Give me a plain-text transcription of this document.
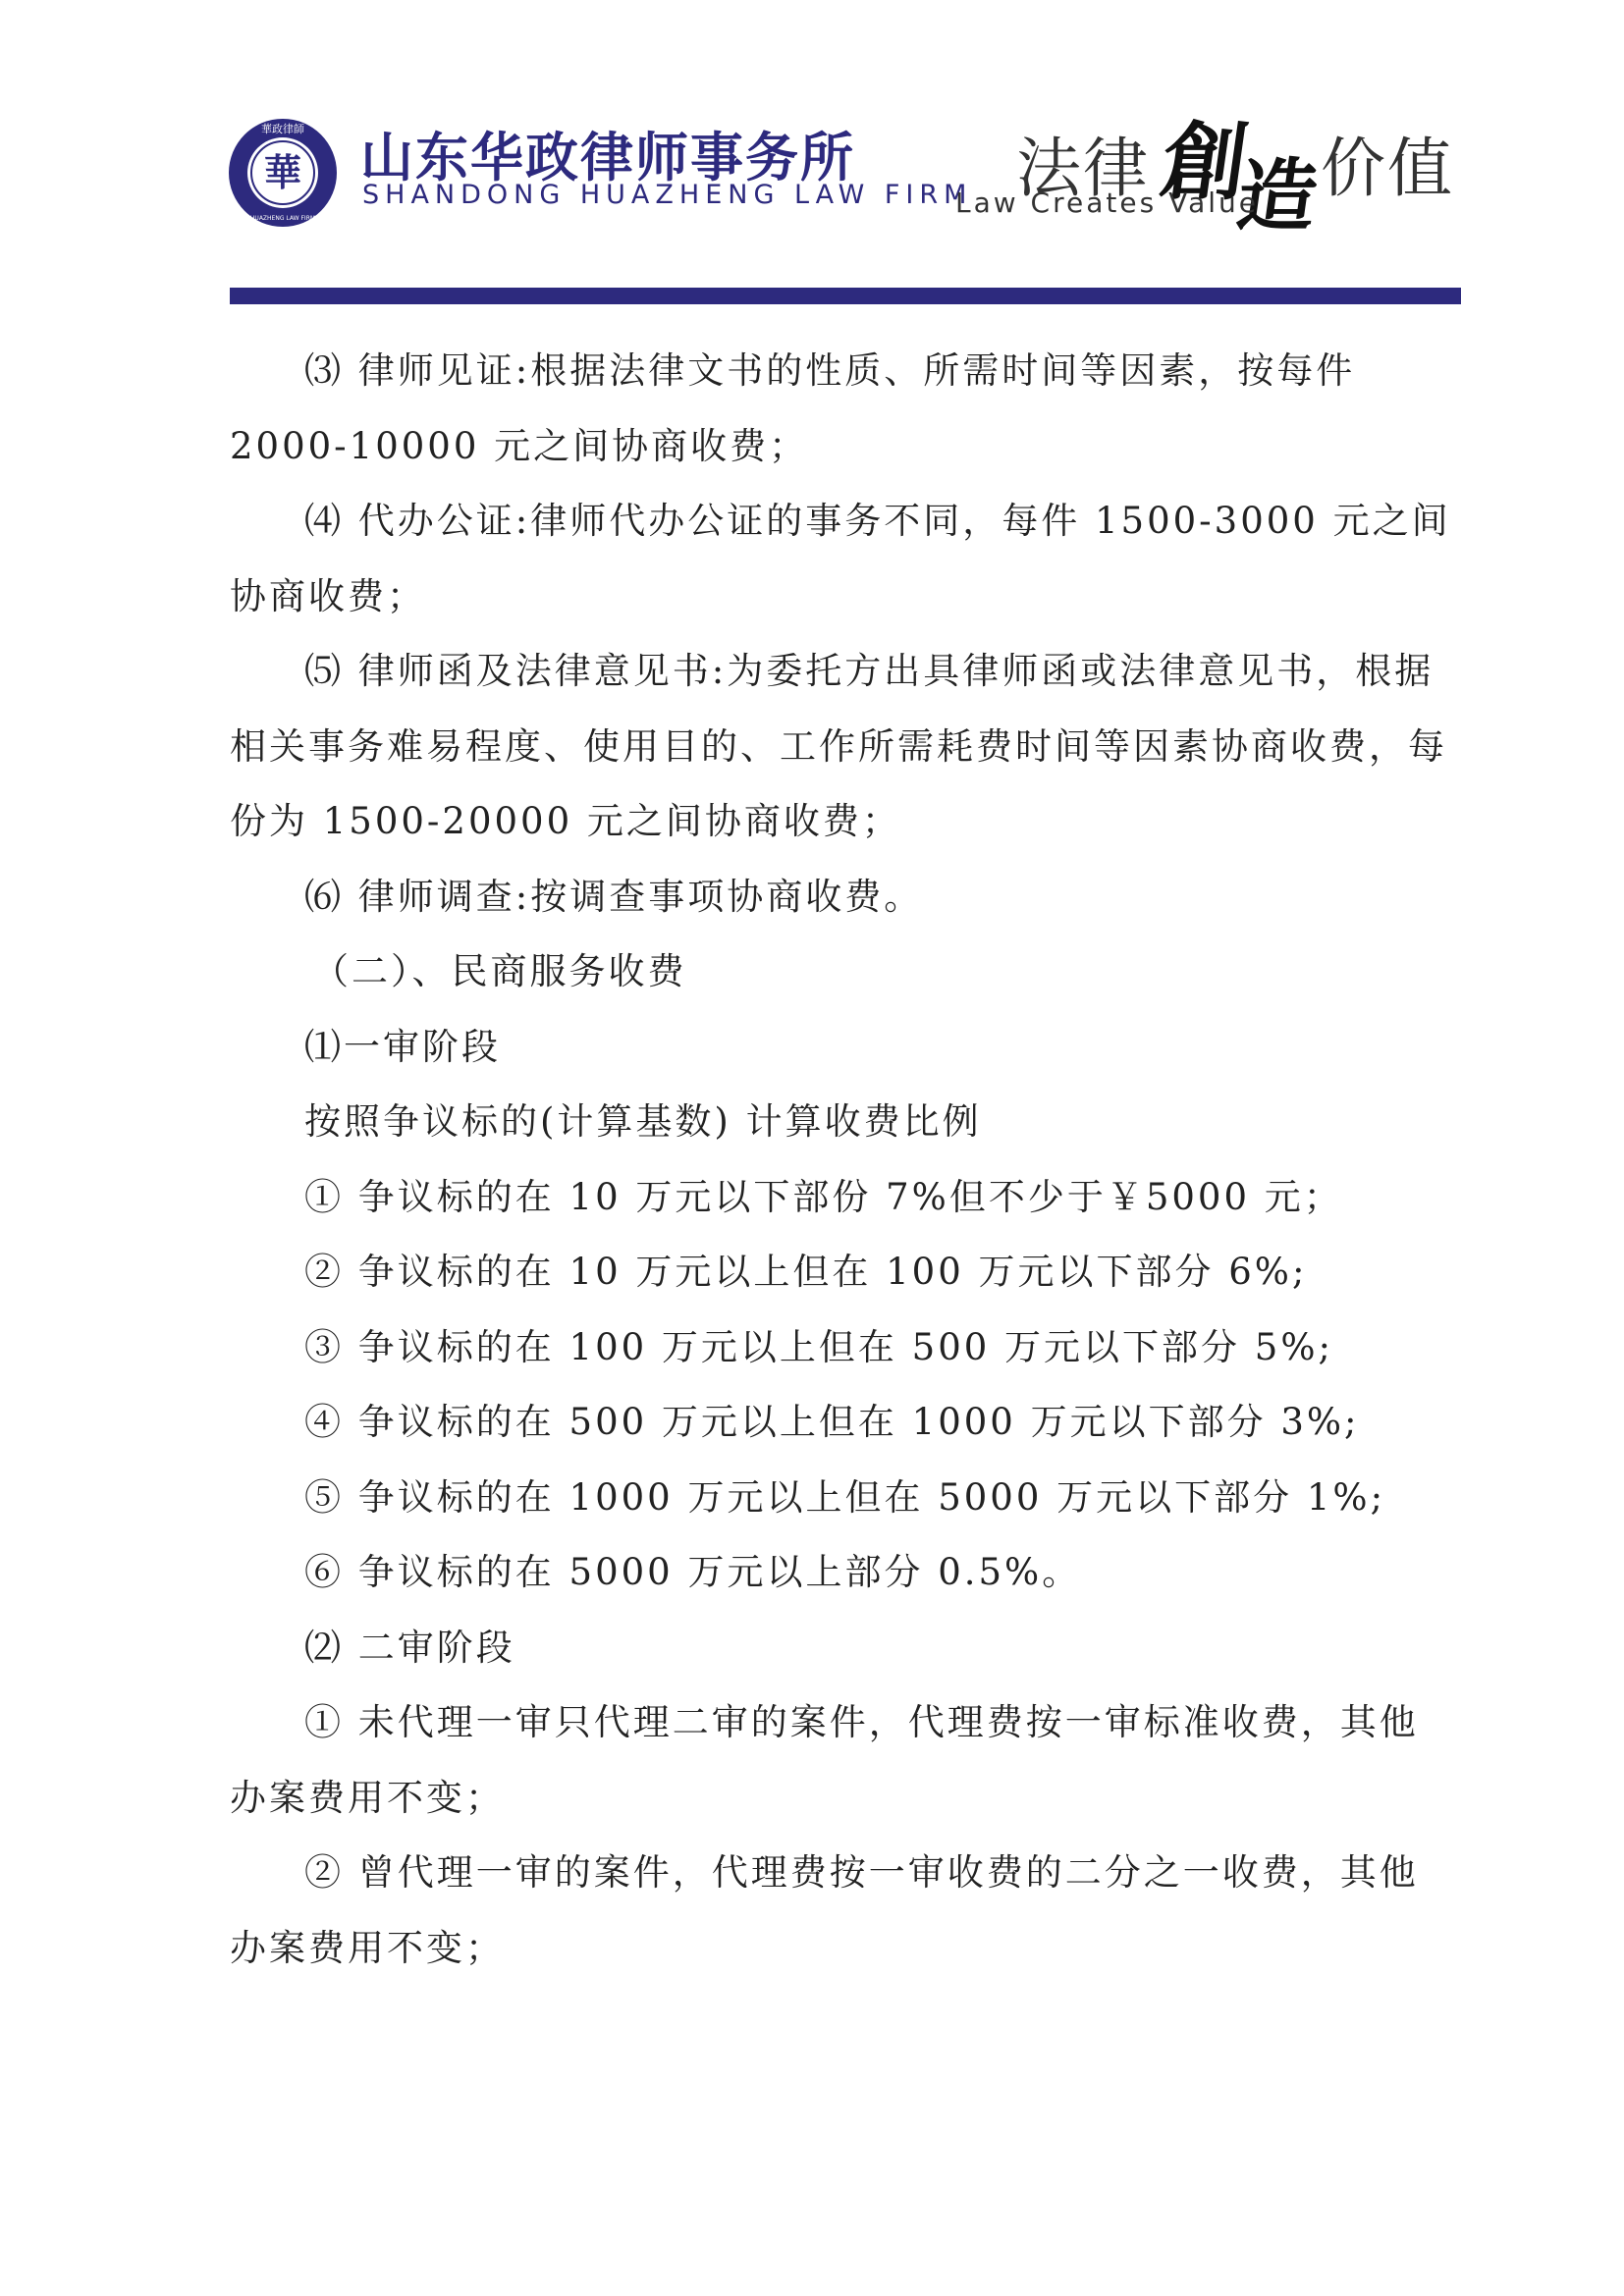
華
華政律師
HUAZHENG LAW FIRM
山东华政律师事务所
SHANDONG HUAZHENG LAW FIRM 法律 創
造
价值
Law Creates Value

⑶ 律师见证:根据法律文书的性质、所需时间等因素，按每件

2000-10000 元之间协商收费；

⑷ 代办公证:律师代办公证的事务不同，每件 1500-3000 元之间

协商收费；

⑸ 律师函及法律意见书:为委托方出具律师函或法律意见书，根据

相关事务难易程度、使用目的、工作所需耗费时间等因素协商收费，每

份为 1500-20000 元之间协商收费；

⑹ 律师调查:按调查事项协商收费。

（二）、民商服务收费

⑴一审阶段

按照争议标的(计算基数) 计算收费比例

① 争议标的在 10 万元以下部份 7%但不少于￥5000 元；

② 争议标的在 10 万元以上但在 100 万元以下部分 6%;

③ 争议标的在 100 万元以上但在 500 万元以下部分 5%;

④ 争议标的在 500 万元以上但在 1000 万元以下部分 3%;

⑤ 争议标的在 1000 万元以上但在 5000 万元以下部分 1%;

⑥ 争议标的在 5000 万元以上部分 0.5%。

⑵ 二审阶段

① 未代理一审只代理二审的案件，代理费按一审标准收费，其他

办案费用不变；

② 曾代理一审的案件，代理费按一审收费的二分之一收费，其他

办案费用不变；
